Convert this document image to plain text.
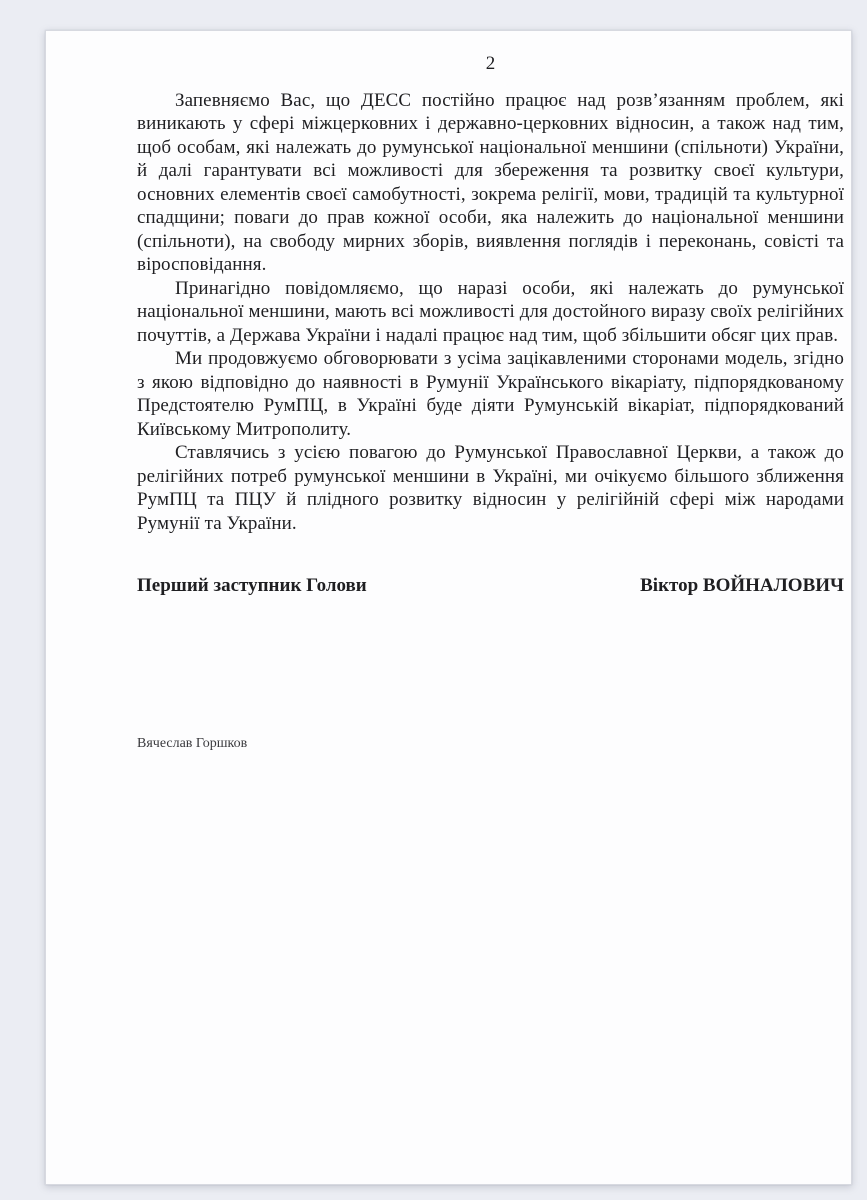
2

Запевняємо Вас, що ДЕСС постійно працює над розв’язанням проблем, які виникають у сфері міжцерковних і державно-церковних відносин, а також над тим, щоб особам, які належать до румунської національної меншини (спільноти) України, й далі гарантувати всі можливості для збереження та розвитку своєї культури, основних елементів своєї самобутності, зокрема релігії, мови, традицій та культурної спадщини; поваги до прав кожної особи, яка належить до національної меншини (спільноти), на свободу мирних зборів, виявлення поглядів і переконань, совісті та віросповідання.

Принагідно повідомляємо, що наразі особи, які належать до румунської національної меншини, мають всі можливості для достойного виразу своїх релігійних почуттів, а Держава України і надалі працює над тим, щоб збільшити обсяг цих прав.

Ми продовжуємо обговорювати з усіма зацікавленими сторонами модель, згідно з якою відповідно до наявності в Румунії Українського вікаріату, підпорядкованому Предстоятелю РумПЦ, в Україні буде діяти Румунській вікаріат, підпорядкований Київському Митрополиту.

Ставлячись з усією повагою до Румунської Православної Церкви, а також до релігійних потреб румунської меншини в Україні, ми очікуємо більшого зближення РумПЦ та ПЦУ й плідного розвитку відносин у релігійній сфері між народами Румунії та України.

Перший заступник Голови	Віктор ВОЙНАЛОВИЧ
Вячеслав Горшков
